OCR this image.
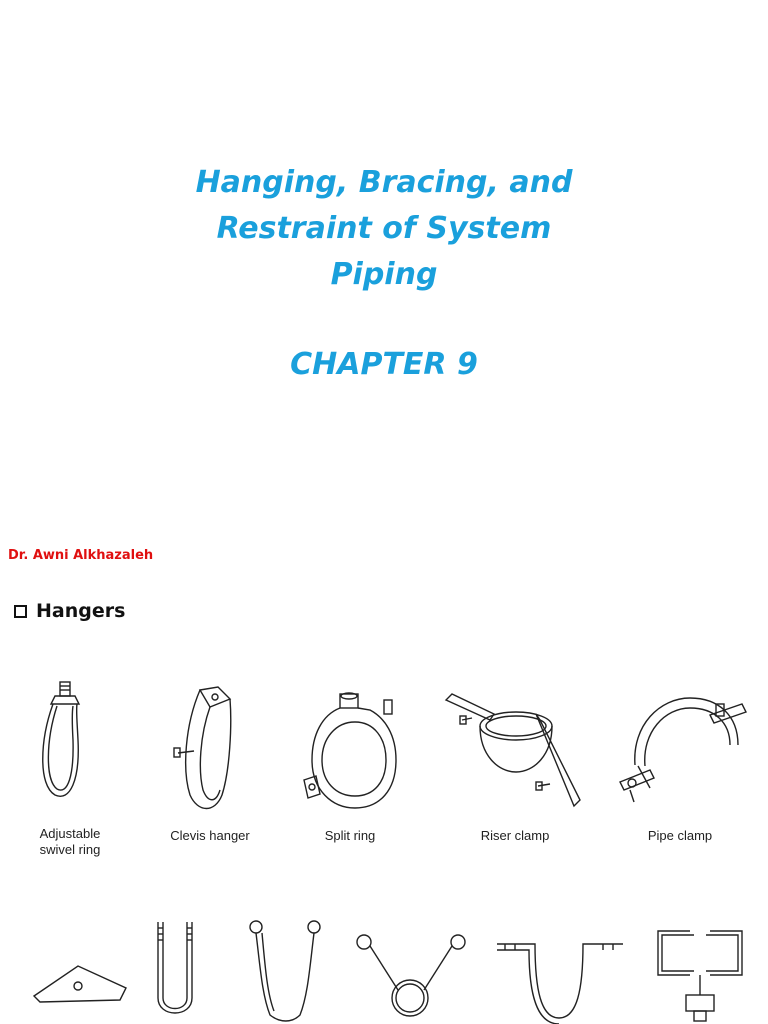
Hanging, Bracing, and
Restraint of System
Piping
CHAPTER 9
Dr. Awni Alkhazaleh
Hangers
Adjustable
swivel ring
Clevis hanger	Split ring	Riser clamp	Pipe clamp
